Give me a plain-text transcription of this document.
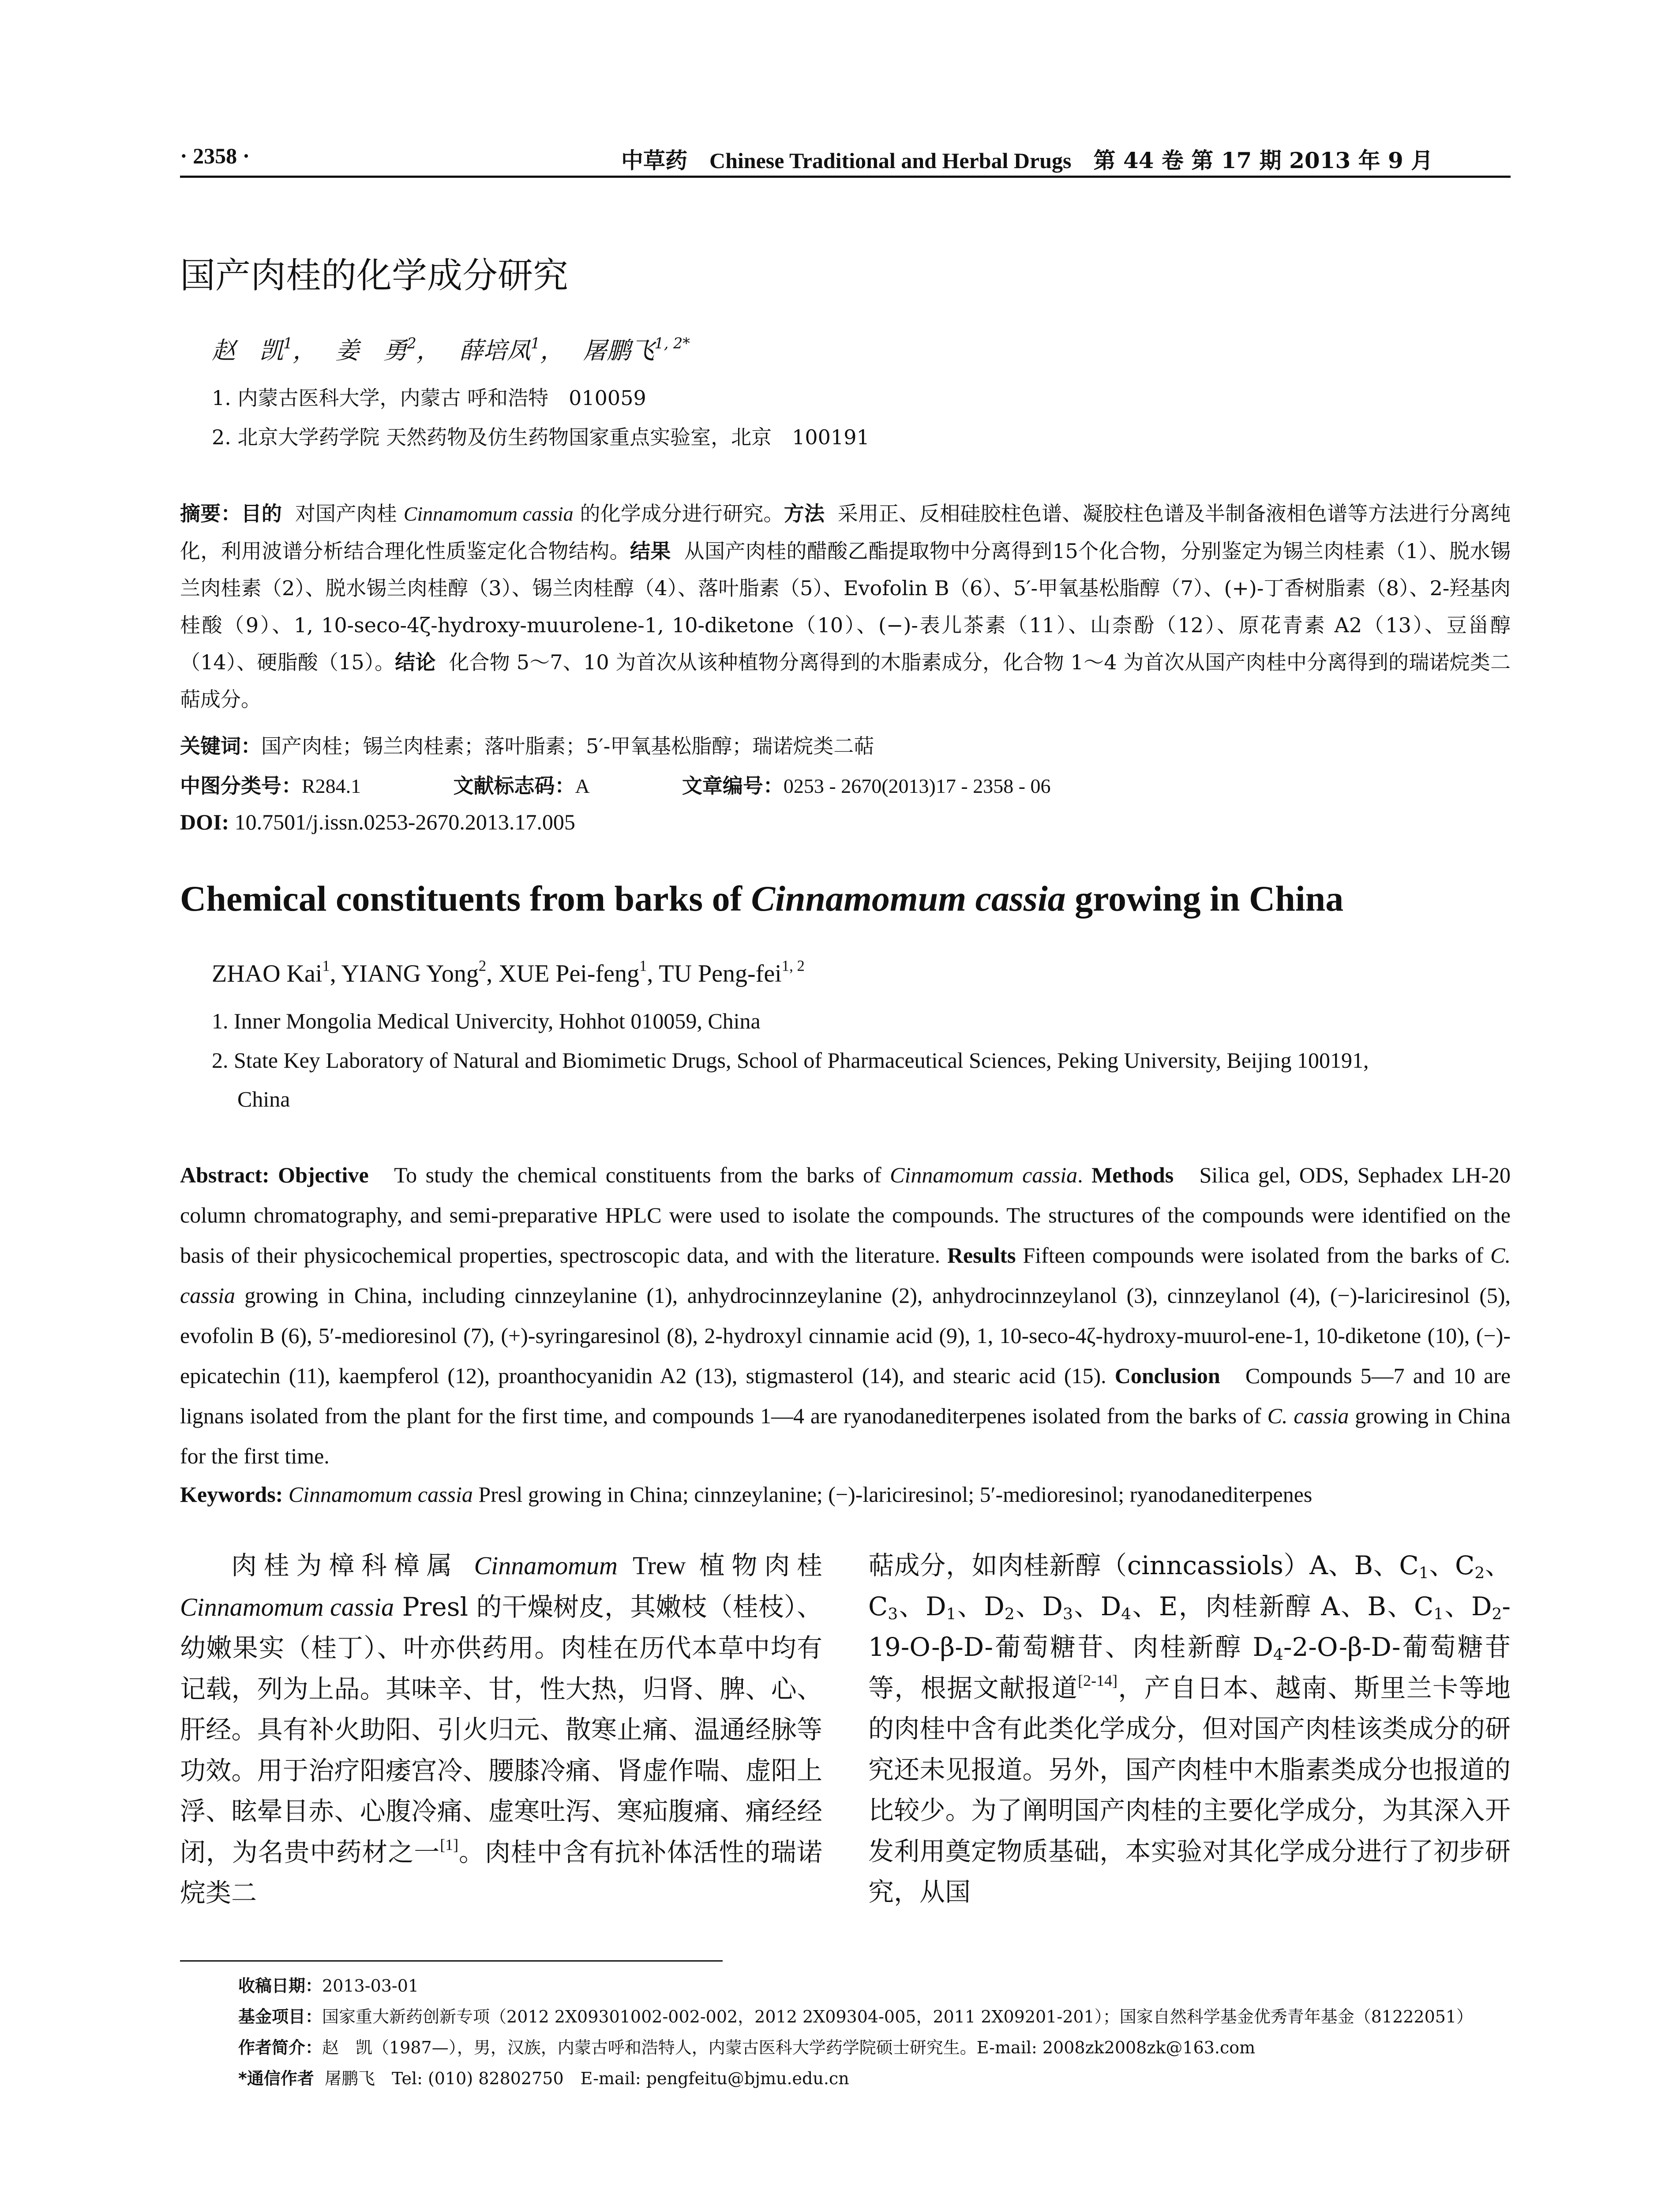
· 2358 ·	中草药 Chinese Traditional and Herbal Drugs 第 44 卷 第 17 期 2013 年 9 月
国产肉桂的化学成分研究
赵　凯$^1$， 姜　勇$^2$， 薛培凤$^1$， 屠鹏飞$^{1, 2*}$
1. 内蒙古医科大学，内蒙古 呼和浩特　010059
2. 北京大学药学院 天然药物及仿生药物国家重点实验室，北京　100191
摘要：目的 对国产肉桂 Cinnamomum cassia 的化学成分进行研究。方法 采用正、反相硅胶柱色谱、凝胶柱色谱及半制备液相色谱等方法进行分离纯化，利用波谱分析结合理化性质鉴定化合物结构。结果 从国产肉桂的醋酸乙酯提取物中分离得到15个化合物，分别鉴定为锡兰肉桂素（1）、脱水锡兰肉桂素（2）、脱水锡兰肉桂醇（3）、锡兰肉桂醇（4）、落叶脂素（5）、Evofolin B（6）、5′-甲氧基松脂醇（7）、(+)-丁香树脂素（8）、2-羟基肉桂酸（9）、1, 10-seco-4ζ-hydroxy-muurolene-1, 10-diketone（10）、(−)-表儿茶素（11）、山柰酚（12）、原花青素 A2（13）、豆甾醇（14）、硬脂酸（15）。结论 化合物 5～7、10 为首次从该种植物分离得到的木脂素成分，化合物 1～4 为首次从国产肉桂中分离得到的瑞诺烷类二萜成分。
关键词：国产肉桂；锡兰肉桂素；落叶脂素；5′-甲氧基松脂醇；瑞诺烷类二萜
中图分类号：R284.1	文献标志码：A	文章编号：0253 - 2670(2013)17 - 2358 - 06
DOI: 10.7501/j.issn.0253-2670.2013.17.005
Chemical constituents from barks of Cinnamomum cassia growing in China
ZHAO Kai$^1$, YIANG Yong$^2$, XUE Pei-feng$^1$, TU Peng-fei$^{1, 2}$
1. Inner Mongolia Medical Univercity, Hohhot 010059, China
2. State Key Laboratory of Natural and Biomimetic Drugs, School of Pharmaceutical Sciences, Peking University, Beijing 100191,
China
Abstract: Objective To study the chemical constituents from the barks of Cinnamomum cassia. Methods Silica gel, ODS, Sephadex LH-20 column chromatography, and semi-preparative HPLC were used to isolate the compounds. The structures of the compounds were identified on the basis of their physicochemical properties, spectroscopic data, and with the literature. Results Fifteen compounds were isolated from the barks of C. cassia growing in China, including cinnzeylanine (1), anhydrocinnzeylanine (2), anhydrocinnzeylanol (3), cinnzeylanol (4), (−)-lariciresinol (5), evofolin B (6), 5′-medioresinol (7), (+)-syringaresinol (8), 2-hydroxyl cinnamie acid (9), 1, 10-seco-4ζ-hydroxy-muurol-ene-1, 10-diketone (10), (−)-epicatechin (11), kaempferol (12), proanthocyanidin A2 (13), stigmasterol (14), and stearic acid (15). Conclusion Compounds 5—7 and 10 are lignans isolated from the plant for the first time, and compounds 1—4 are ryanodanediterpenes isolated from the barks of C. cassia growing in China for the first time.

Keywords: Cinnamomum cassia Presl growing in China; cinnzeylanine; (−)-lariciresinol; 5′-medioresinol; ryanodanediterpenes
肉桂为樟科樟属 Cinnamomum Trew 植物肉桂 Cinnamomum cassia Presl 的干燥树皮，其嫩枝（桂枝）、幼嫩果实（桂丁）、叶亦供药用。肉桂在历代本草中均有记载，列为上品。其味辛、甘，性大热，归肾、脾、心、肝经。具有补火助阳、引火归元、散寒止痛、温通经脉等功效。用于治疗阳痿宫冷、腰膝冷痛、肾虚作喘、虚阳上浮、眩晕目赤、心腹冷痛、虚寒吐泻、寒疝腹痛、痛经经闭，为名贵中药材之一[1]。肉桂中含有抗补体活性的瑞诺烷类二
萜成分，如肉桂新醇（cinncassiols）A、B、$C_1$、$C_2$、$C_3$、$D_1$、$D_2$、$D_3$、$D_4$、E，肉桂新醇 A、B、$C_1$、$D_2-19-O-\beta-D-$葡萄糖苷、肉桂新醇 $D_4-2-O-\beta-D-$葡萄糖苷等，根据文献报道[2-14]，产自日本、越南、斯里兰卡等地的肉桂中含有此类化学成分，但对国产肉桂该类成分的研究还未见报道。另外，国产肉桂中木脂素类成分也报道的比较少。为了阐明国产肉桂的主要化学成分，为其深入开发利用奠定物质基础，本实验对其化学成分进行了初步研究，从国
收稿日期：2013-03-01
基金项目：国家重大新药创新专项（2012 2X09301002-002-002，2012 2X09304-005，2011 2X09201-201）；国家自然科学基金优秀青年基金（81222051）
作者简介：赵　凯（1987—），男，汉族，内蒙古呼和浩特人，内蒙古医科大学药学院硕士研究生。E-mail: 2008zk2008zk@163.com
*通信作者 屠鹏飞　Tel: (010) 82802750　E-mail: pengfeitu@bjmu.edu.cn
